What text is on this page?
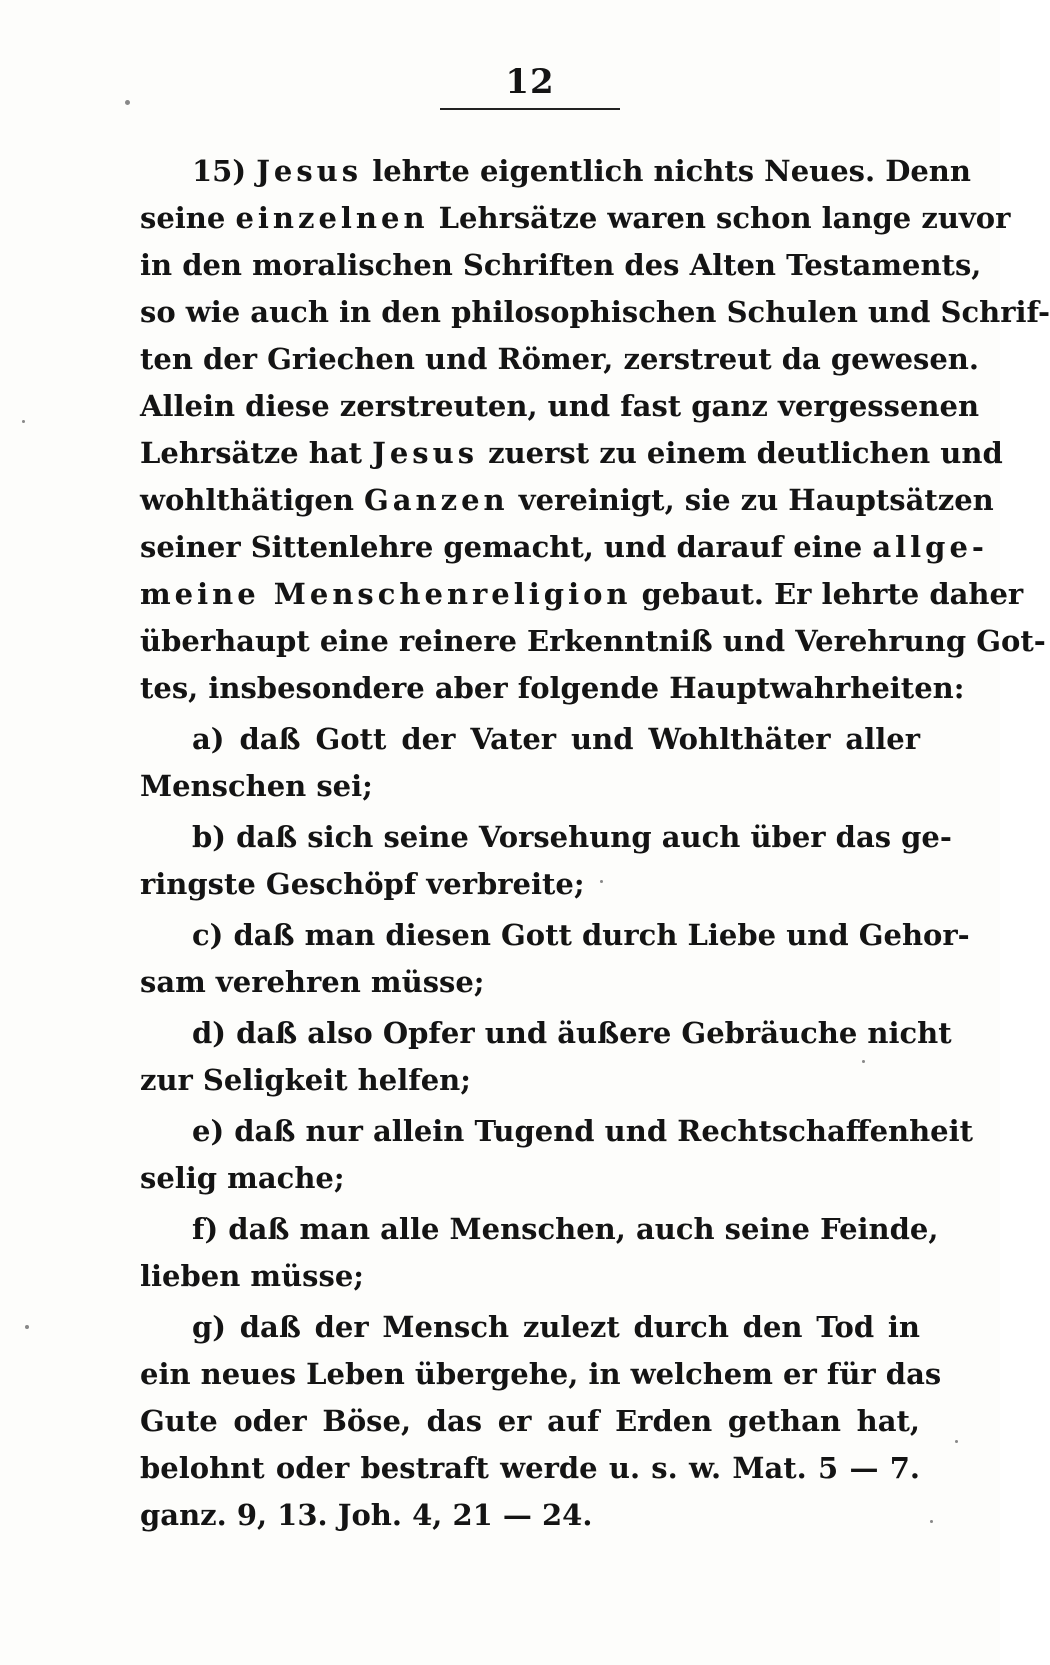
12
15) Jesus lehrte eigentlich nichts Neues. Denn
seine einzelnen Lehrsätze waren schon lange zuvor
in den moralischen Schriften des Alten Testaments,
so wie auch in den philosophischen Schulen und Schrif-
ten der Griechen und Römer, zerstreut da gewesen.
Allein diese zerstreuten, und fast ganz vergessenen
Lehrsätze hat Jesus zuerst zu einem deutlichen und
wohlthätigen Ganzen vereinigt, sie zu Hauptsätzen
seiner Sittenlehre gemacht, und darauf eine allge-
meine Menschenreligion gebaut. Er lehrte daher
überhaupt eine reinere Erkenntniß und Verehrung Got-
tes, insbesondere aber folgende Hauptwahrheiten:
a) daß Gott der Vater und Wohlthäter aller
Menschen sei;
b) daß sich seine Vorsehung auch über das ge-
ringste Geschöpf verbreite;
c) daß man diesen Gott durch Liebe und Gehor-
sam verehren müsse;
d) daß also Opfer und äußere Gebräuche nicht
zur Seligkeit helfen;
e) daß nur allein Tugend und Rechtschaffenheit
selig mache;
f) daß man alle Menschen, auch seine Feinde,
lieben müsse;
g) daß der Mensch zulezt durch den Tod in
ein neues Leben übergehe, in welchem er für das
Gute oder Böse, das er auf Erden gethan hat,
belohnt oder bestraft werde u. s. w. Mat. 5 — 7.
ganz. 9, 13. Joh. 4, 21 — 24.
